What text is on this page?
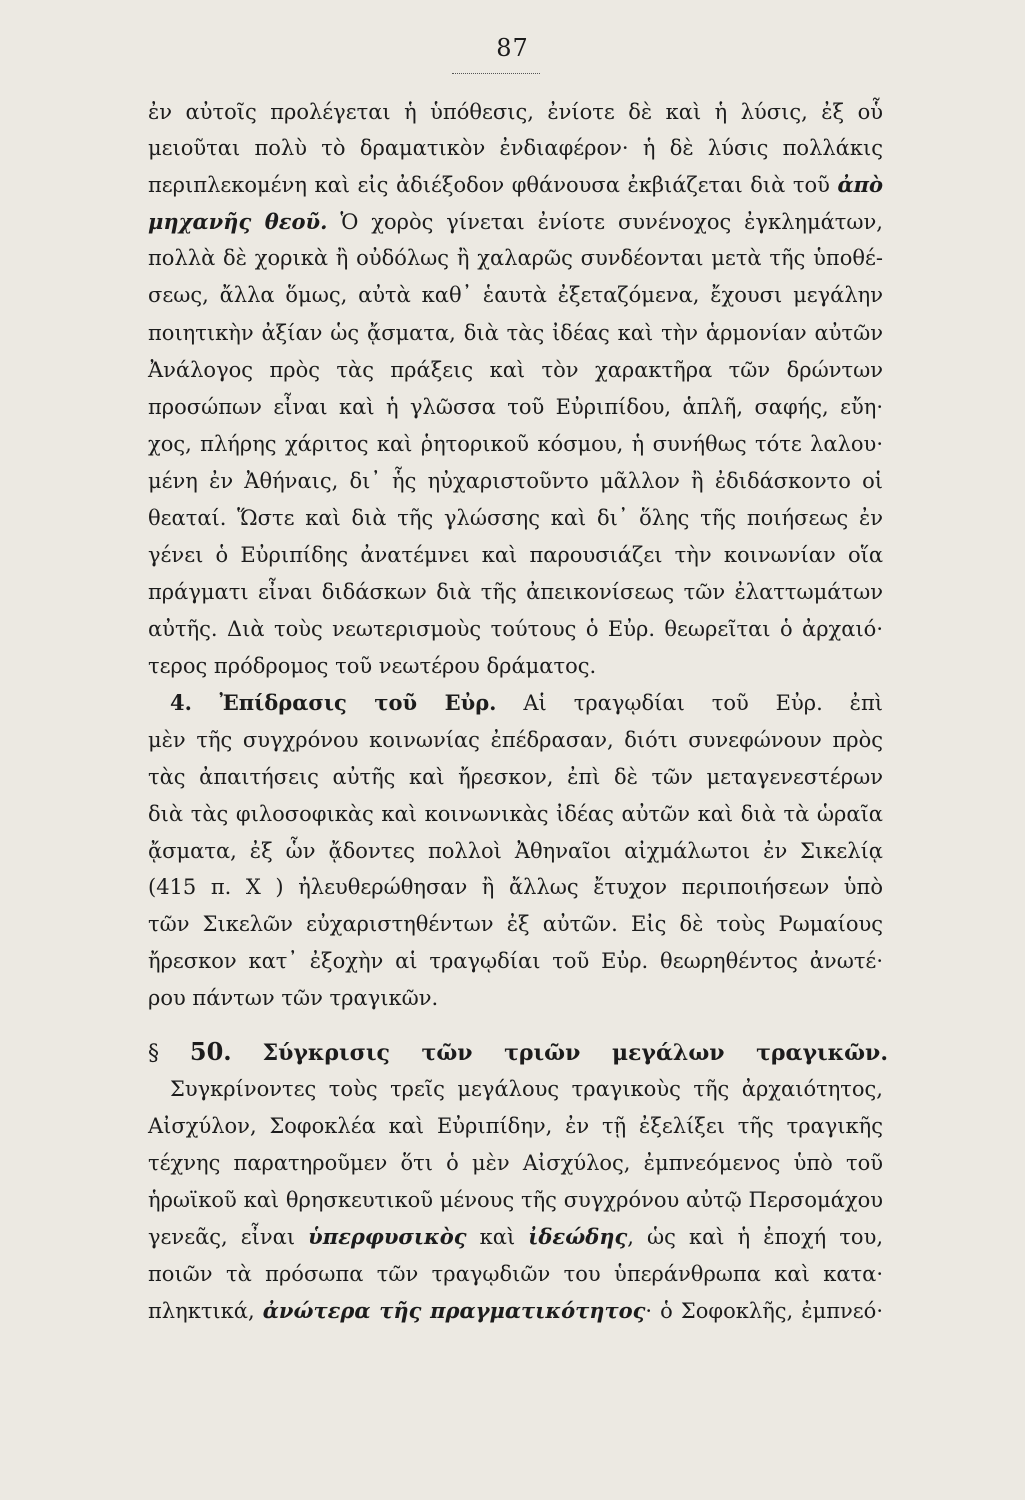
87
ἐν αὐτοῖς προλέγεται ἡ ὑπόθεσις, ἐνίοτε δὲ καὶ ἡ λύσις, ἐξ οὗ
μειοῦται πολὺ τὸ δραματικὸν ἐνδιαφέρον· ἡ δὲ λύσις πολλάκις
περιπλεκομένη καὶ εἰς ἀδιέξοδον φθάνουσα ἐκβιάζεται διὰ τοῦ ἀπὸ
μηχανῆς θεοῦ. Ὁ χορὸς γίνεται ἐνίοτε συνένοχος ἐγκλημάτων,
πολλὰ δὲ χορικὰ ἢ οὐδόλως ἢ χαλαρῶς συνδέονται μετὰ τῆς ὑποθέ-
σεως, ἄλλα ὅμως, αὐτὰ καθ᾽ ἑαυτὰ ἐξεταζόμενα, ἔχουσι μεγάλην
ποιητικὴν ἀξίαν ὡς ᾄσματα, διὰ τὰς ἰδέας καὶ τὴν ἁρμονίαν αὐτῶν
Ἀνάλογος πρὸς τὰς πράξεις καὶ τὸν χαρακτῆρα τῶν δρώντων
προσώπων εἶναι καὶ ἡ γλῶσσα τοῦ Εὐριπίδου, ἁπλῆ, σαφής, εὔη·
χος, πλήρης χάριτος καὶ ῥητορικοῦ κόσμου, ἡ συνήθως τότε λαλου·
μένη ἐν Ἀθήναις, δι᾽ ἧς ηὐχαριστοῦντο μᾶλλον ἢ ἐδιδάσκοντο οἱ
θεαταί. Ὥστε καὶ διὰ τῆς γλώσσης καὶ δι᾽ ὅλης τῆς ποιήσεως ἐν
γένει ὁ Εὐριπίδης ἀνατέμνει καὶ παρουσιάζει τὴν κοινωνίαν οἵα
πράγματι εἶναι διδάσκων διὰ τῆς ἀπεικονίσεως τῶν ἐλαττωμάτων
αὐτῆς. Διὰ τοὺς νεωτερισμοὺς τούτους ὁ Εὐρ. θεωρεῖται ὁ ἀρχαιό·
τερος πρόδρομος τοῦ νεωτέρου δράματος.
4. Ἐπίδρασις τοῦ Εὐρ. Αἱ τραγῳδίαι τοῦ Εὐρ. ἐπὶ
μὲν τῆς συγχρόνου κοινωνίας ἐπέδρασαν, διότι συνεφώνουν πρὸς
τὰς ἀπαιτήσεις αὐτῆς καὶ ἤρεσκον, ἐπὶ δὲ τῶν μεταγενεστέρων
διὰ τὰς φιλοσοφικὰς καὶ κοινωνικὰς ἰδέας αὐτῶν καὶ διὰ τὰ ὡραῖα
ᾄσματα, ἐξ ὧν ᾄδοντες πολλοὶ Ἀθηναῖοι αἰχμάλωτοι ἐν Σικελίᾳ
(415 π. Χ ) ἠλευθερώθησαν ἢ ἄλλως ἔτυχον περιποιήσεων ὑπὸ
τῶν Σικελῶν εὐχαριστηθέντων ἐξ αὐτῶν. Εἰς δὲ τοὺς Ρωμαίους
ἤρεσκον κατ᾽ ἐξοχὴν αἱ τραγῳδίαι τοῦ Εὐρ. θεωρηθέντος ἀνωτέ·
ρου πάντων τῶν τραγικῶν.
Συγκρίνοντες τοὺς τρεῖς μεγάλους τραγικοὺς τῆς ἀρχαιότητος,
Αἰσχύλον, Σοφοκλέα καὶ Εὐριπίδην, ἐν τῇ ἐξελίξει τῆς τραγικῆς
τέχνης παρατηροῦμεν ὅτι ὁ μὲν Αἰσχύλος, ἐμπνεόμενος ὑπὸ τοῦ
ἡρωϊκοῦ καὶ θρησκευτικοῦ μένους τῆς συγχρόνου αὐτῷ Περσομάχου
γενεᾶς, εἶναι ὑπερφυσικὸς καὶ ἰδεώδης, ὡς καὶ ἡ ἐποχή του,
ποιῶν τὰ πρόσωπα τῶν τραγῳδιῶν του ὑπεράνθρωπα καὶ κατα·
πληκτικά, ἀνώτερα τῆς πραγματικότητος· ὁ Σοφοκλῆς, ἐμπνεό·
§ 50. Σύγκρισις τῶν τριῶν μεγάλων τραγικῶν.
